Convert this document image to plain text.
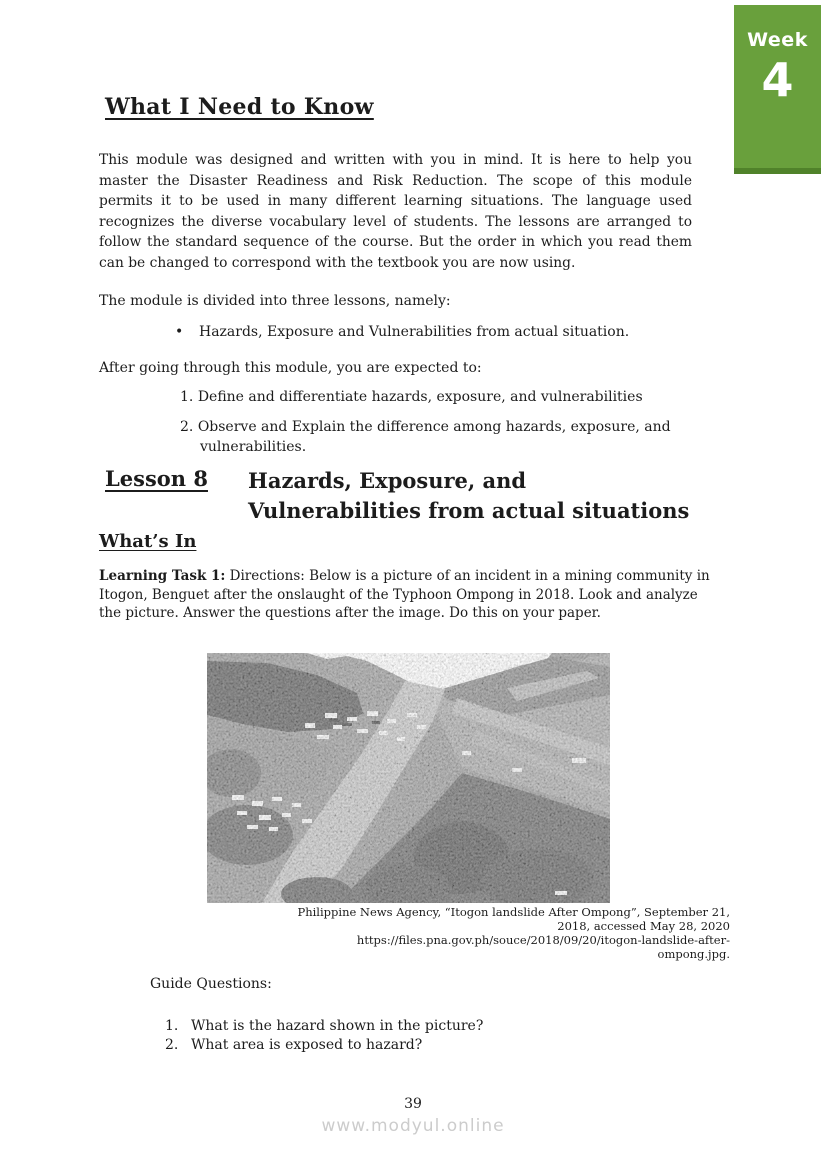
Week
4
What I Need to Know
This module was designed and written with you in mind. It is here to help you master the Disaster Readiness and Risk Reduction. The scope of this module permits it to be used in many different learning situations. The language used recognizes the diverse vocabulary level of students. The lessons are arranged to follow the standard sequence of the course. But the order in which you read them can be changed to correspond with the textbook you are now using.
The module is divided into three lessons, namely:
• Hazards, Exposure and Vulnerabilities from actual situation.
After going through this module, you are expected to:
1. Define and differentiate hazards, exposure, and vulnerabilities
2. Observe and Explain the difference among hazards, exposure, and vulnerabilities.
Lesson 8 Hazards, Exposure, and
Vulnerabilities from actual situations
What’s In
Learning Task 1: Directions: Below is a picture of an incident in a mining community in Itogon, Benguet after the onslaught of the Typhoon Ompong in 2018. Look and analyze the picture. Answer the questions after the image. Do this on your paper.
Philippine News Agency, “Itogon landslide After Ompong”, September 21,
2018, accessed May 28, 2020
https://files.pna.gov.ph/souce/2018/09/20/itogon-landslide-after-
ompong.jpg.
Guide Questions:
1. What is the hazard shown in the picture?
2. What area is exposed to hazard?
39
www.modyul.online
